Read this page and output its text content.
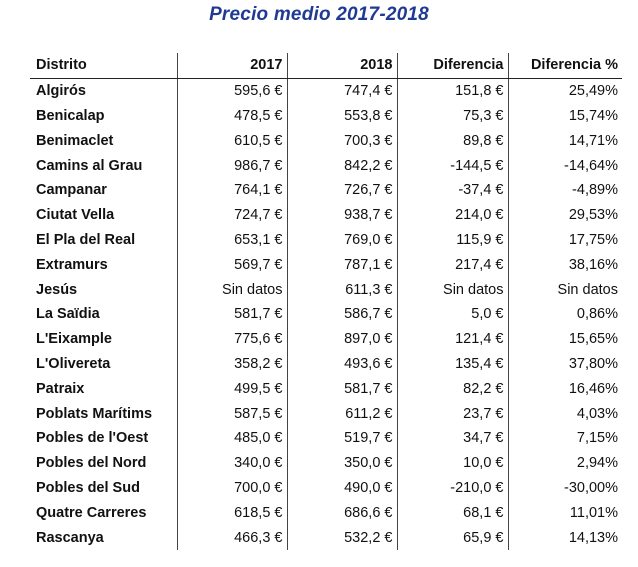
Precio medio 2017-2018
Distrito	2017	2018	Diferencia	Diferencia %
Algirós	595,6 €	747,4 €	151,8 €	25,49%
Benicalap	478,5 €	553,8 €	75,3 €	15,74%
Benimaclet	610,5 €	700,3 €	89,8 €	14,71%
Camins al Grau	986,7 €	842,2 €	-144,5 €	-14,64%
Campanar	764,1 €	726,7 €	-37,4 €	-4,89%
Ciutat Vella	724,7 €	938,7 €	214,0 €	29,53%
El Pla del Real	653,1 €	769,0 €	115,9 €	17,75%
Extramurs	569,7 €	787,1 €	217,4 €	38,16%
Jesús	Sin datos	611,3 €	Sin datos	Sin datos
La Saïdia	581,7 €	586,7 €	5,0 €	0,86%
L'Eixample	775,6 €	897,0 €	121,4 €	15,65%
L'Olivereta	358,2 €	493,6 €	135,4 €	37,80%
Patraix	499,5 €	581,7 €	82,2 €	16,46%
Poblats Marítims	587,5 €	611,2 €	23,7 €	4,03%
Pobles de l'Oest	485,0 €	519,7 €	34,7 €	7,15%
Pobles del Nord	340,0 €	350,0 €	10,0 €	2,94%
Pobles del Sud	700,0 €	490,0 €	-210,0 €	-30,00%
Quatre Carreres	618,5 €	686,6 €	68,1 €	11,01%
Rascanya	466,3 €	532,2 €	65,9 €	14,13%
